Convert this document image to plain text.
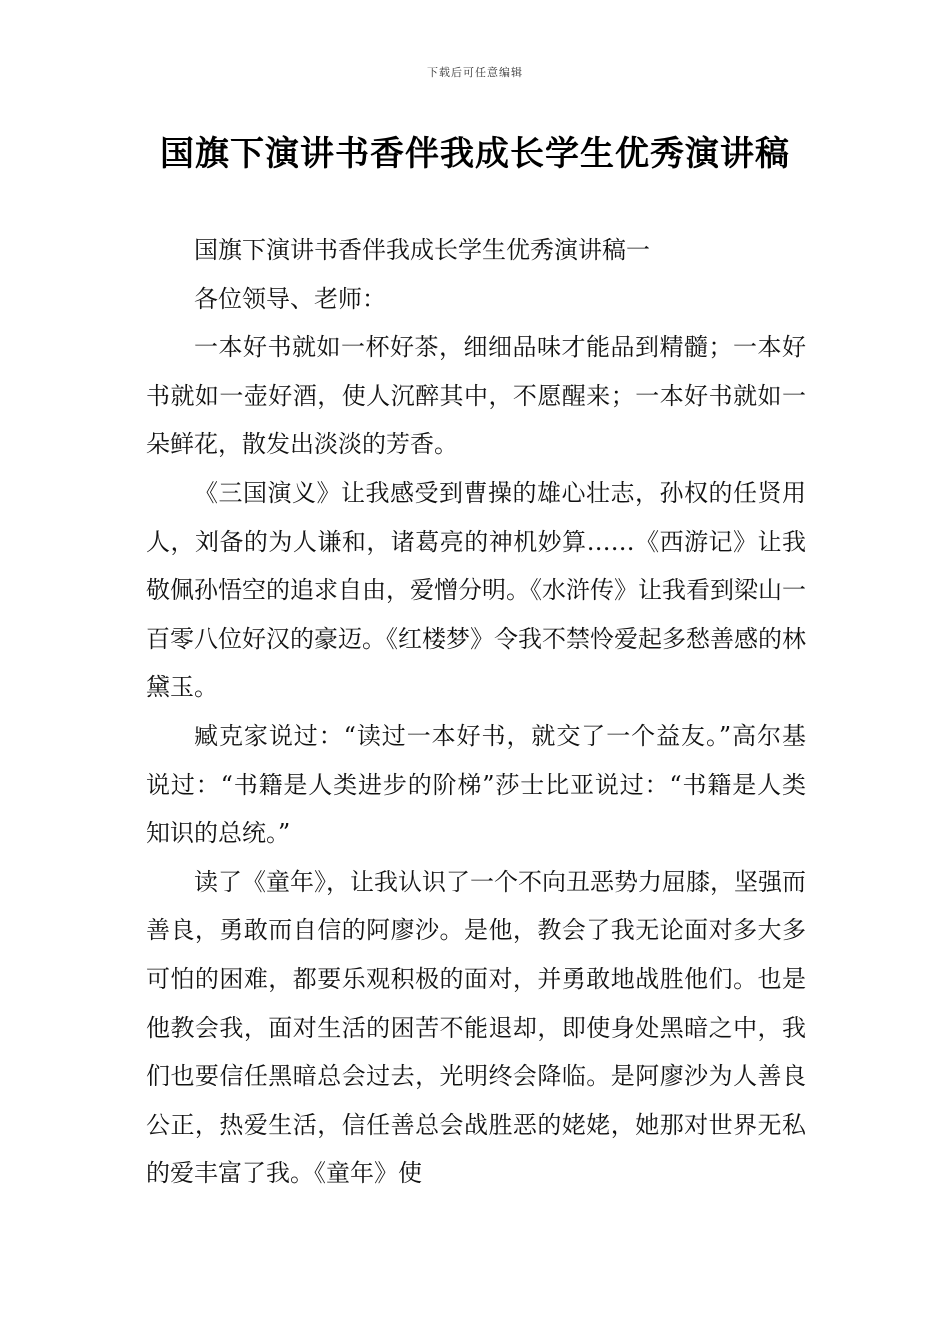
下载后可任意编辑
国旗下演讲书香伴我成长学生优秀演讲稿

国旗下演讲书香伴我成长学生优秀演讲稿一

各位领导、老师：

一本好书就如一杯好茶，细细品味才能品到精髓；一本好书就如一壶好酒，使人沉醉其中，不愿醒来；一本好书就如一朵鲜花，散发出淡淡的芳香。

《三国演义》让我感受到曹操的雄心壮志，孙权的任贤用人，刘备的为人谦和，诸葛亮的神机妙算……《西游记》让我敬佩孙悟空的追求自由，爱憎分明。《水浒传》让我看到梁山一百零八位好汉的豪迈。《红楼梦》令我不禁怜爱起多愁善感的林黛玉。

臧克家说过：“读过一本好书，就交了一个益友。”高尔基说过：“书籍是人类进步的阶梯”莎士比亚说过：“书籍是人类知识的总统。”

读了《童年》，让我认识了一个不向丑恶势力屈膝，坚强而善良，勇敢而自信的阿廖沙。是他，教会了我无论面对多大多可怕的困难，都要乐观积极的面对，并勇敢地战胜他们。也是他教会我，面对生活的困苦不能退却，即使身处黑暗之中，我们也要信任黑暗总会过去，光明终会降临。是阿廖沙为人善良公正，热爱生活，信任善总会战胜恶的姥姥，她那对世界无私的爱丰富了我。《童年》使
